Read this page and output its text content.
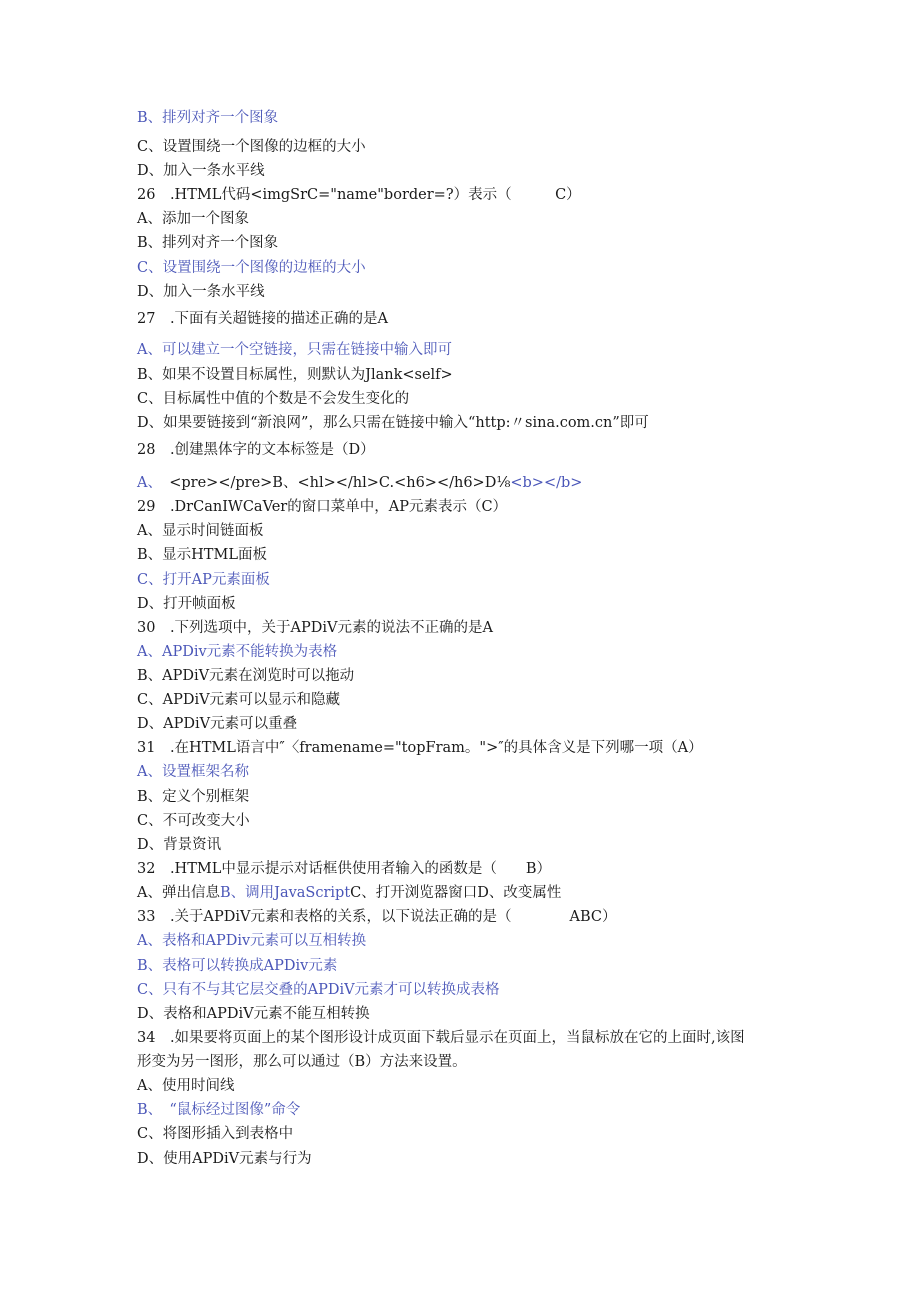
B、排列对齐一个图象
C、设置围绕一个图像的边框的大小
D、加入一条水平线
26　.HTML代码<imgSrC="name"border=?）表示（　　　C）
A、添加一个图象
B、排列对齐一个图象
C、设置围绕一个图像的边框的大小
D、加入一条水平线
27　.下面有关超链接的描述正确的是A
A、可以建立一个空链接，只需在链接中输入即可
B、如果不设置目标属性，则默认为Jlank<self>
C、目标属性中值的个数是不会发生变化的
D、如果要链接到“新浪网”，那么只需在链接中输入“http:〃sina.com.cn”即可
28　.创建黑体字的文本标签是（D）
A、　<pre></pre>B、<hl></hl>C.<h6></h6>D⅛<b></b>
29　.DrCanIWCaVer的窗口菜单中，AP元素表示（C）
A、显示时间链面板
B、显示HTML面板
C、打开AP元素面板
D、打开帧面板
30　.下列选项中，关于APDiV元素的说法不正确的是A
A、APDiv元素不能转换为表格
B、APDiV元素在浏览时可以拖动
C、APDiV元素可以显示和隐藏
D、APDiV元素可以重叠
31　.在HTML语言中″〈framename="topFram。">″的具体含义是下列哪一项（A）
A、设置框架名称
B、定义个别框架
C、不可改变大小
D、背景资讯
32　.HTML中显示提示对话框供使用者输入的函数是（　　B）
A、弹出信息B、调用JavaScriptC、打开浏览器窗口D、改变属性
33　.关于APDiV元素和表格的关系，以下说法正确的是（　　　　ABC）
A、表格和APDiv元素可以互相转换
B、表格可以转换成APDiv元素
C、只有不与其它层交叠的APDiV元素才可以转换成表格
D、表格和APDiV元素不能互相转换
34　.如果要将页面上的某个图形设计成页面下载后显示在页面上，当鼠标放在它的上面时,该图
形变为另一图形，那么可以通过（B）方法来设置。
A、使用时间线
B、　“鼠标经过图像”命令
C、将图形插入到表格中
D、使用APDiV元素与行为
